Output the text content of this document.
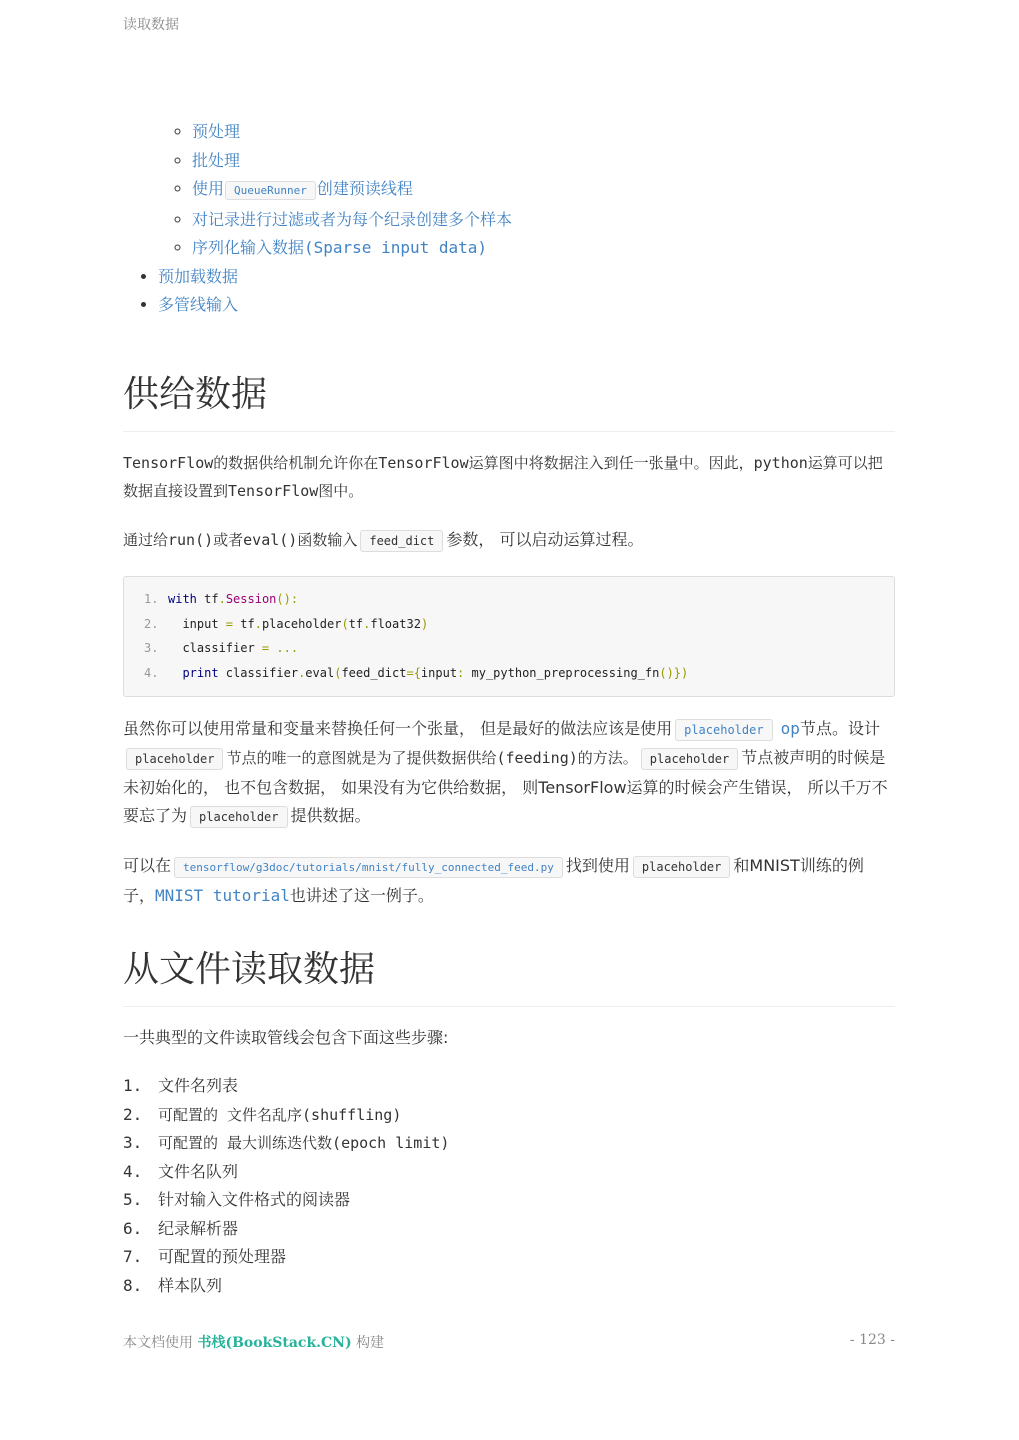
读取数据
◦ 预处理
◦ 批处理
◦ 使用 QueueRunner 创建预读线程
◦ 对记录进行过滤或者为每个纪录创建多个样本
◦ 序列化输入数据(Sparse input data)
• 预加载数据
• 多管线输入
供给数据

TensorFlow的数据供给机制允许你在TensorFlow运算图中将数据注入到任一张量中。因此，python运算可以把数据直接设置到TensorFlow图中。

通过给run()或者eval()函数输入 feed_dict 参数， 可以启动运算过程。

1. with tf.Session():
2.  input = tf.placeholder(tf.float32)
3.  classifier = ...
4. print classifier.eval(feed_dict={input: my_python_preprocessing_fn()})

虽然你可以使用常量和变量来替换任何一个张量， 但是最好的做法应该是使用 placeholder op节点。设计placeholder 节点的唯一的意图就是为了提供数据供给(feeding)的方法。 placeholder 节点被声明的时候是未初始化的， 也不包含数据， 如果没有为它供给数据， 则TensorFlow运算的时候会产生错误， 所以千万不要忘了为 placeholder 提供数据。

可以在 tensorflow/g3doc/tutorials/mnist/fully_connected_feed.py 找到使用 placeholder 和MNIST训练的例子，MNIST tutorial也讲述了这一例子。

从文件读取数据

一共典型的文件读取管线会包含下面这些步骤:

1. 文件名列表
2. 可配置的 文件名乱序(shuffling)
3. 可配置的 最大训练迭代数(epoch limit)
4. 文件名队列
5. 针对输入文件格式的阅读器
6. 纪录解析器
7. 可配置的预处理器
8. 样本队列
本文档使用 书栈(BookStack.CN) 构建	- 123 -
